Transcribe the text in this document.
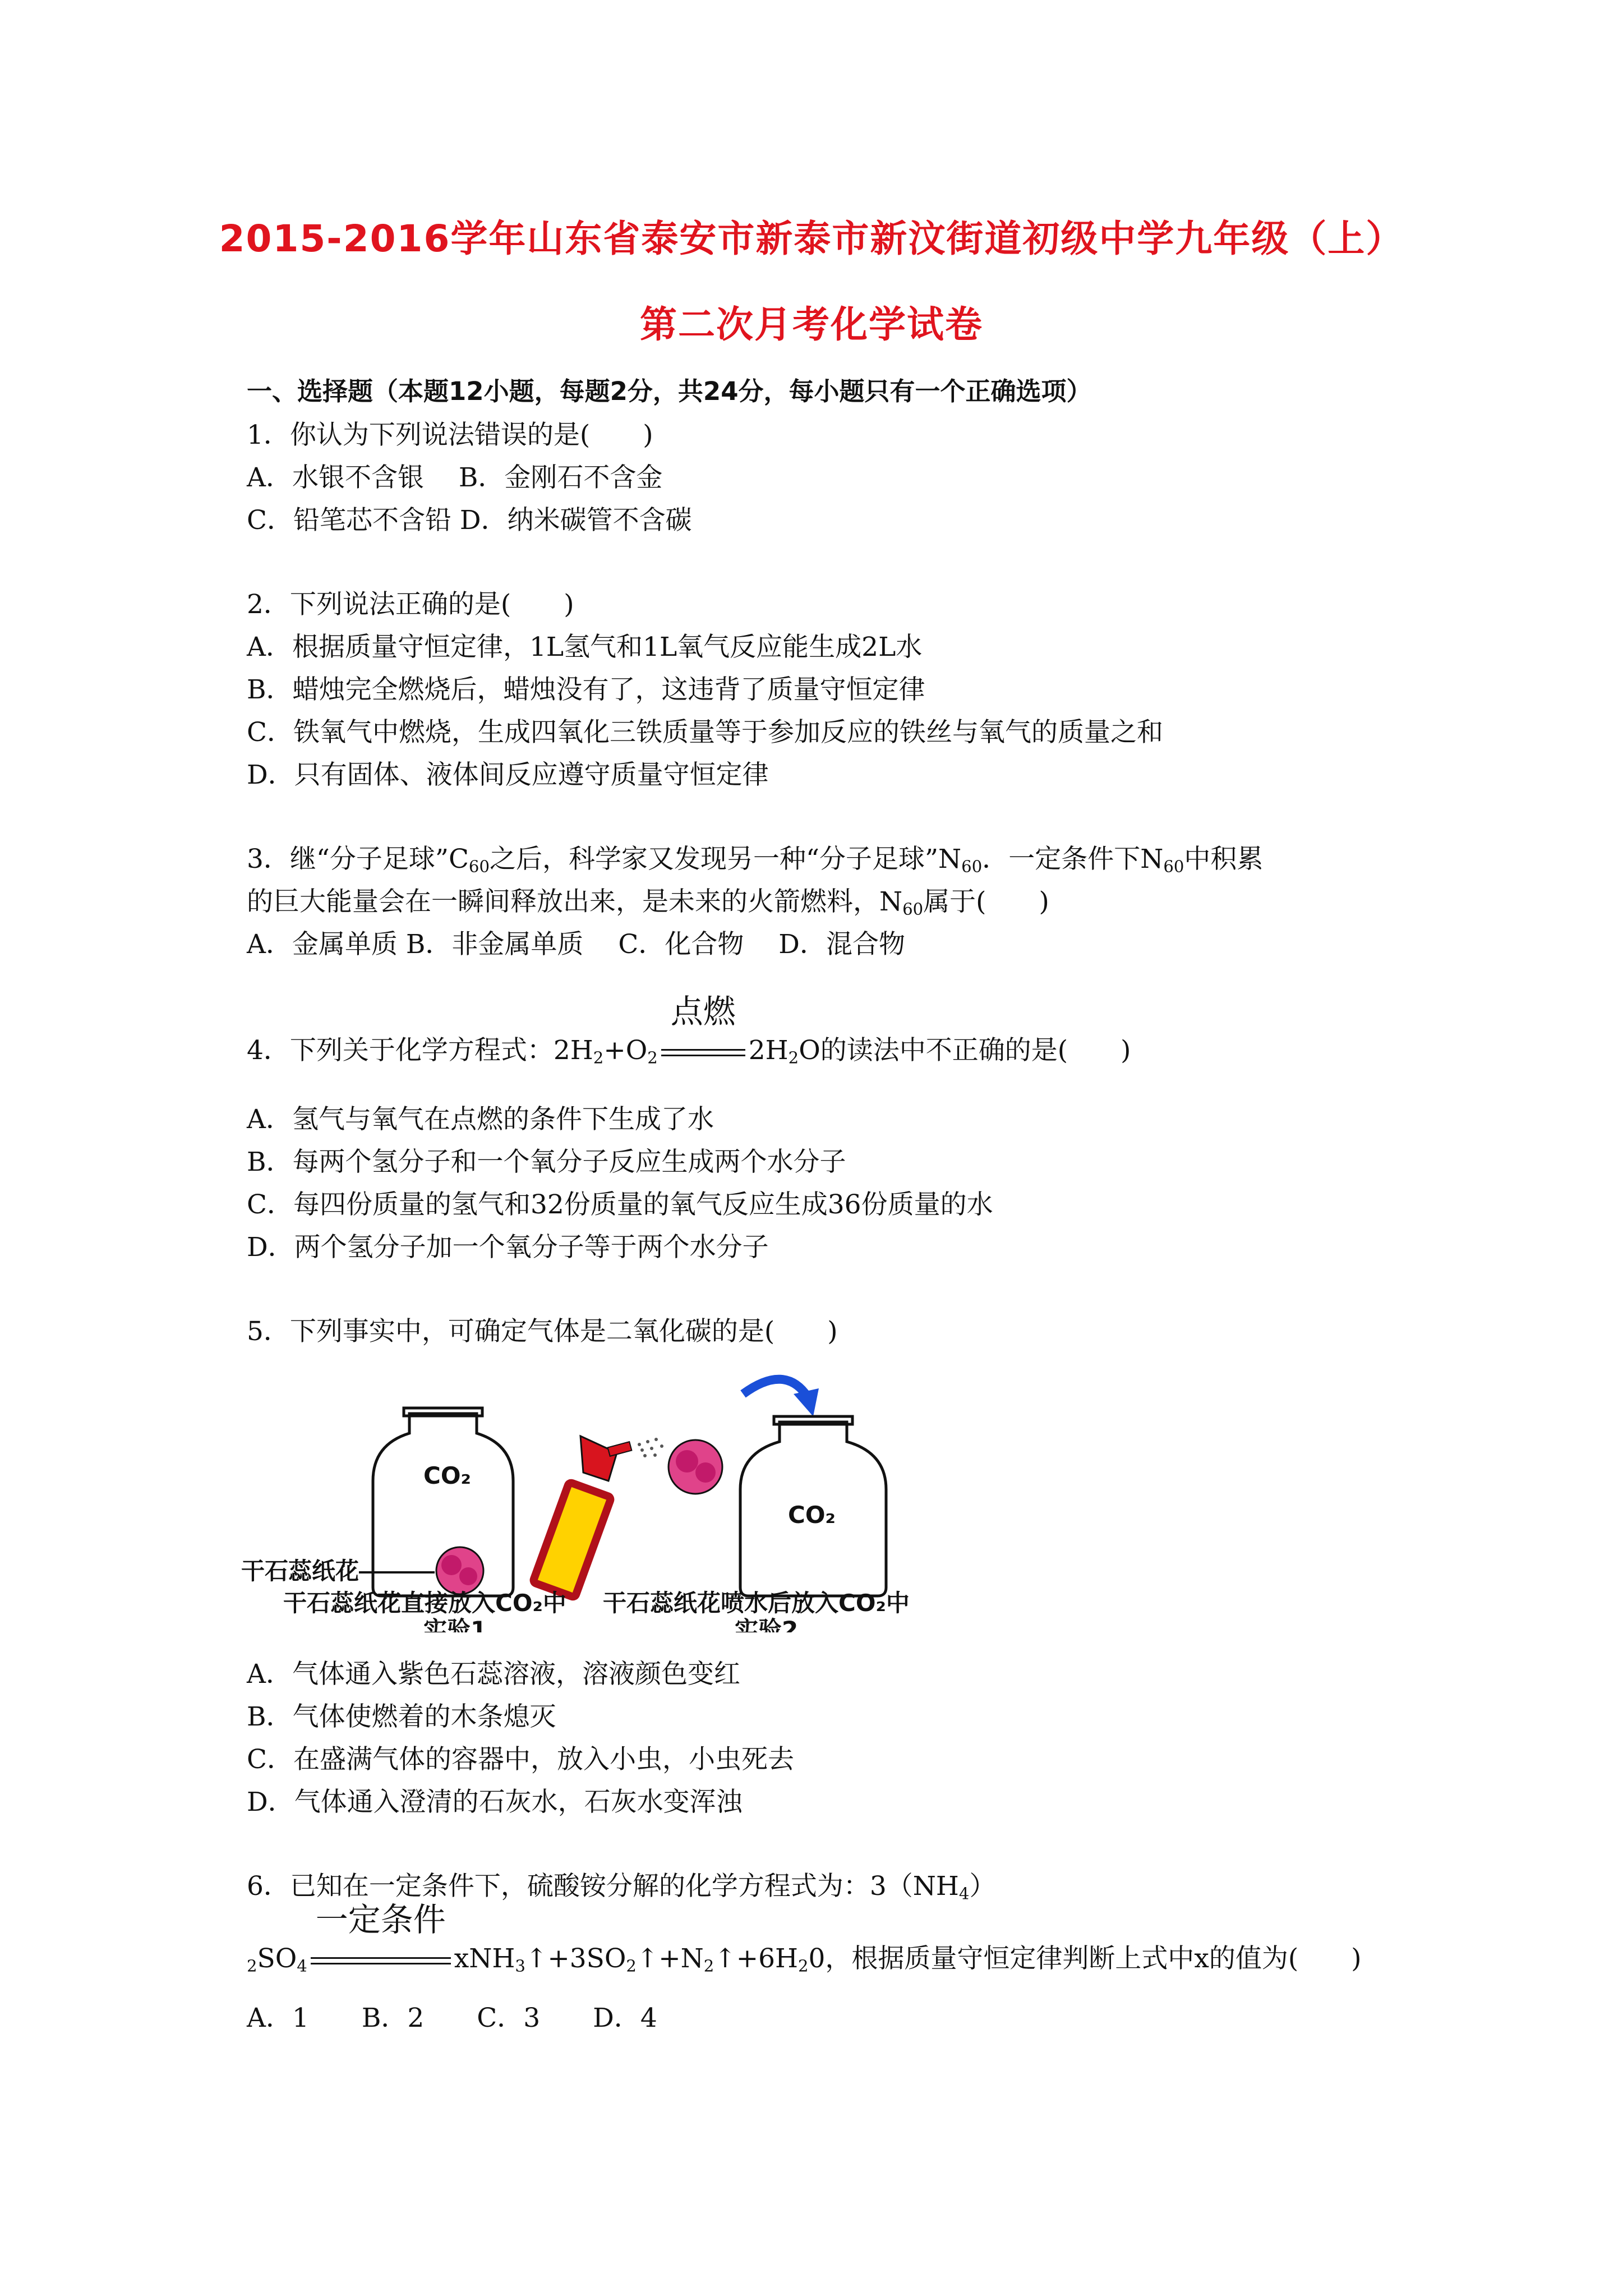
2015-2016学年山东省泰安市新泰市新汶街道初级中学九年级（上）
第二次月考化学试卷
一、选择题（本题12小题，每题2分，共24分，每小题只有一个正确选项）
1．你认为下列说法错误的是(　　)
A．水银不含银　 B．金刚石不含金
C．铅笔芯不含铅 D．纳米碳管不含碳
2．下列说法正确的是(　　)
A．根据质量守恒定律，1L氢气和1L氧气反应能生成2L水
B．蜡烛完全燃烧后，蜡烛没有了，这违背了质量守恒定律
C．铁氧气中燃烧，生成四氧化三铁质量等于参加反应的铁丝与氧气的质量之和
D．只有固体、液体间反应遵守质量守恒定律
3．继“分子足球$”C_{60}$之后，科学家又发现另一种“分子足球$”N_{60}$．一定条件下$N_{60}$中积累
的巨大能量会在一瞬间释放出来，是未来的火箭燃料，$N_{60}$属于(　　)
A．金属单质 B．非金属单质　 C．化合物　 D．混合物
4．下列关于化学方程式：$2H_2+O_2$
点燃
$2H_2O$的读法中不正确的是(　　)
A．氢气与氧气在点燃的条件下生成了水
B．每两个氢分子和一个氧分子反应生成两个水分子
C．每四份质量的氢气和32份质量的氧气反应生成36份质量的水
D．两个氢分子加一个氧分子等于两个水分子
5．下列事实中，可确定气体是二氧化碳的是(　　)
CO₂
干石蕊纸花
CO₂
干石蕊纸花直接放入CO₂中
实验1
干石蕊纸花喷水后放入CO₂中
实验2
A．气体通入紫色石蕊溶液，溶液颜色变红
B．气体使燃着的木条熄灭
C．在盛满气体的容器中，放入小虫，小虫死去
D．气体通入澄清的石灰水，石灰水变浑浊
6．已知在一定条件下，硫酸铵分解的化学方程式为：$3(NH_4)$
$_2SO_4$
一定条件
$xNH_3↑+3SO_2↑+N_2↑+6H_20$，根据质量守恒定律判断上式中x的值为(　　)
A．1　　B．2　　C．3　　D．4
